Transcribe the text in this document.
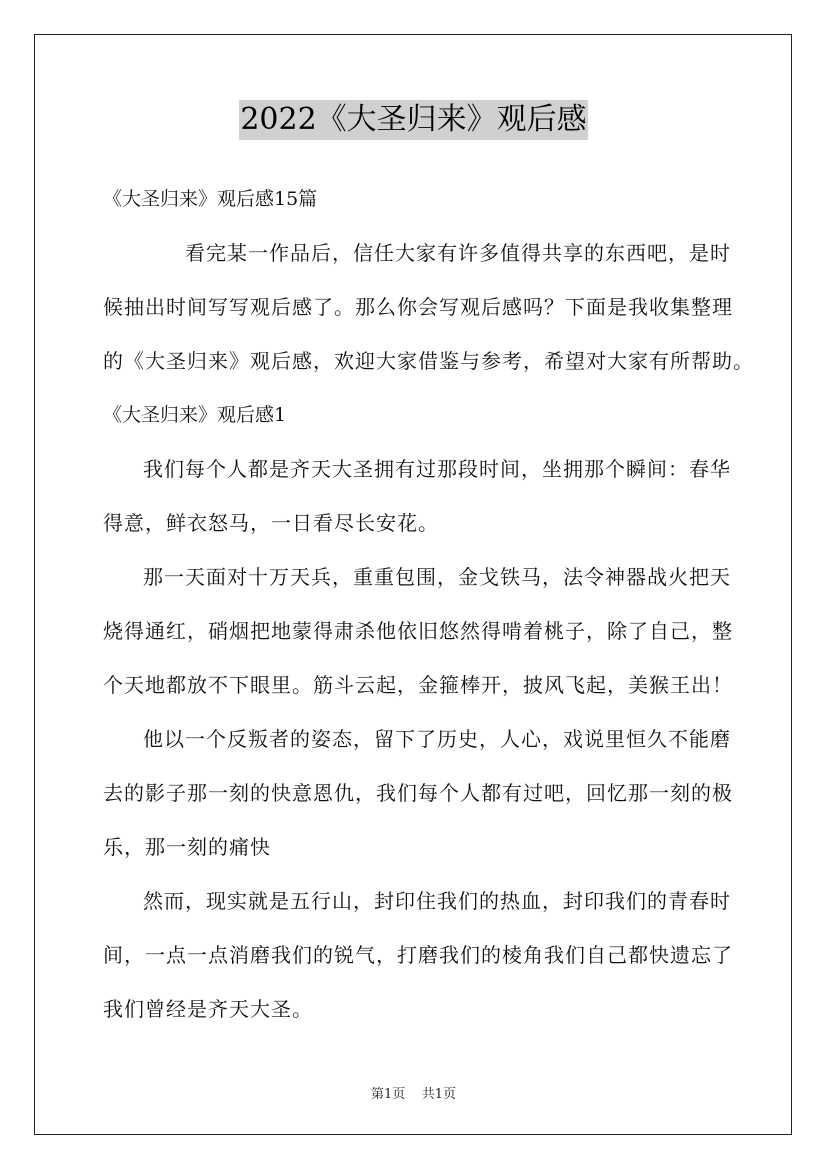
2022《大圣归来》观后感
《大圣归来》观后感15篇
看完某一作品后，信任大家有许多值得共享的东西吧，是时
候抽出时间写写观后感了。那么你会写观后感吗？下面是我收集整理
的《大圣归来》观后感，欢迎大家借鉴与参考，希望对大家有所帮助。
《大圣归来》观后感1
我们每个人都是齐天大圣拥有过那段时间，坐拥那个瞬间：春华
得意，鲜衣怒马，一日看尽长安花。
那一天面对十万天兵，重重包围，金戈铁马，法令神器战火把天
烧得通红，硝烟把地蒙得肃杀他依旧悠然得啃着桃子，除了自己，整
个天地都放不下眼里。筋斗云起，金箍棒开，披风飞起，美猴王出！
他以一个反叛者的姿态，留下了历史，人心，戏说里恒久不能磨
去的影子那一刻的快意恩仇，我们每个人都有过吧，回忆那一刻的极
乐，那一刻的痛快
然而，现实就是五行山，封印住我们的热血，封印我们的青春时
间，一点一点消磨我们的锐气，打磨我们的棱角我们自己都快遗忘了
我们曾经是齐天大圣。
第1页 共1页
